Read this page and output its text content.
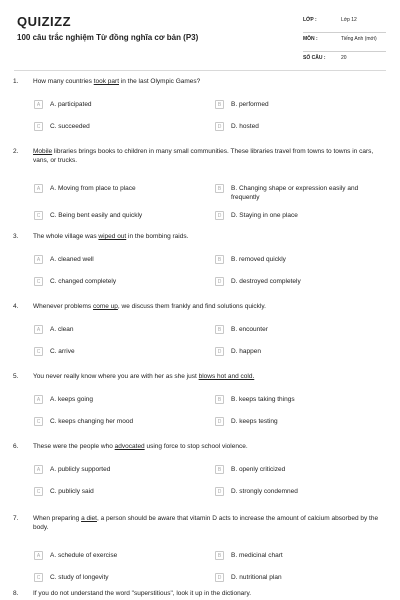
QUIZIZZ
100 câu trắc nghiệm Từ đồng nghĩa cơ bản (P3)
LỚP :	Lớp 12
MÔN :	Tiếng Anh (mới)
SỐ CÂU :	20
1. How many countries took part in the last Olympic Games?
A	A. participated	B	B. performed
C	C. succeeded	D	D. hosted
2. Mobile libraries brings books to children in many small communities. These libraries travel from towns to towns in cars, vans, or trucks.
A	A. Moving from place to place	B	B. Changing shape or expression easily and frequently
C	C. Being bent easily and quickly	D	D. Staying in one place
3. The whole village was wiped out in the bombing raids.
A	A. cleaned well	B	B. removed quickly
C	C. changed completely	D	D. destroyed completely
4. Whenever problems come up, we discuss them frankly and find solutions quickly.
A	A. clean	B	B. encounter
C	C. arrive	D	D. happen
5. You never really know where you are with her as she just blows hot and cold.
A	A. keeps going	B	B. keeps taking things
C	C. keeps changing her mood	D	D. keeps testing
6. These were the people who advocated using force to stop school violence.
A	A. publicly supported	B	B. openly criticized
C	C. publicly said	D	D. strongly condemned
7. When preparing a diet, a person should be aware that vitamin D acts to increase the amount of calcium absorbed by the body.
A	A. schedule of exercise	B	B. medicinal chart
C	C. study of longevity	D	D. nutritional plan
8. If you do not understand the word "superstitious", look it up in the dictionary.
